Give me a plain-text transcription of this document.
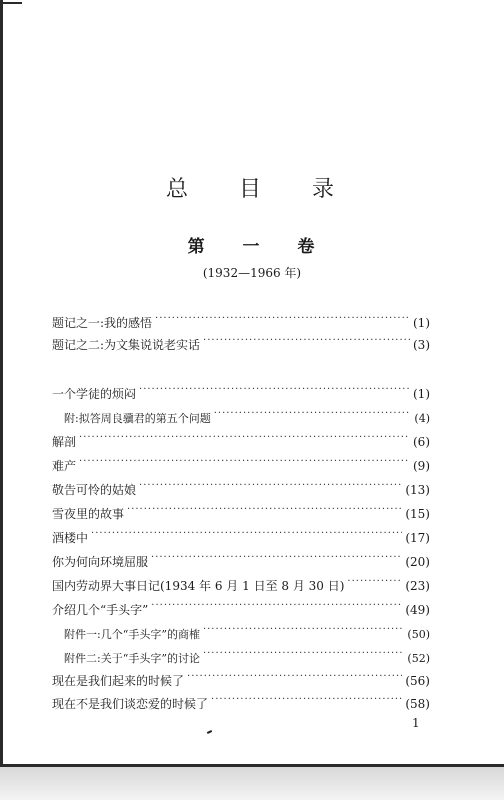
总 目 录
第 一 卷
(1932—1966 年)
题记之一:我的感悟 ·····	(1)
题记之二:为文集说说老实话 ·····	(3)
一个学徒的烦闷 ·····	(1)
附:拟答周良骥君的第五个问题 ·····	(4)
解剖 ·····	(6)
难产 ·····	(9)
敬告可怜的姑娘 ·····	(13)
雪夜里的故事 ·····	(15)
酒楼中 ·····	(17)
你为何向环境屈服 ·····	(20)
国内劳动界大事日记(1934 年 6 月 1 日至 8 月 30 日) ·····	(23)
介绍几个“手头字” ·····	(49)
附件一:几个“手头字”的商榷 ·····	(50)
附件二:关于“手头字”的讨论 ·····	(52)
现在是我们起来的时候了 ·····	(56)
现在不是我们谈恋爱的时候了 ·····	(58)
1
